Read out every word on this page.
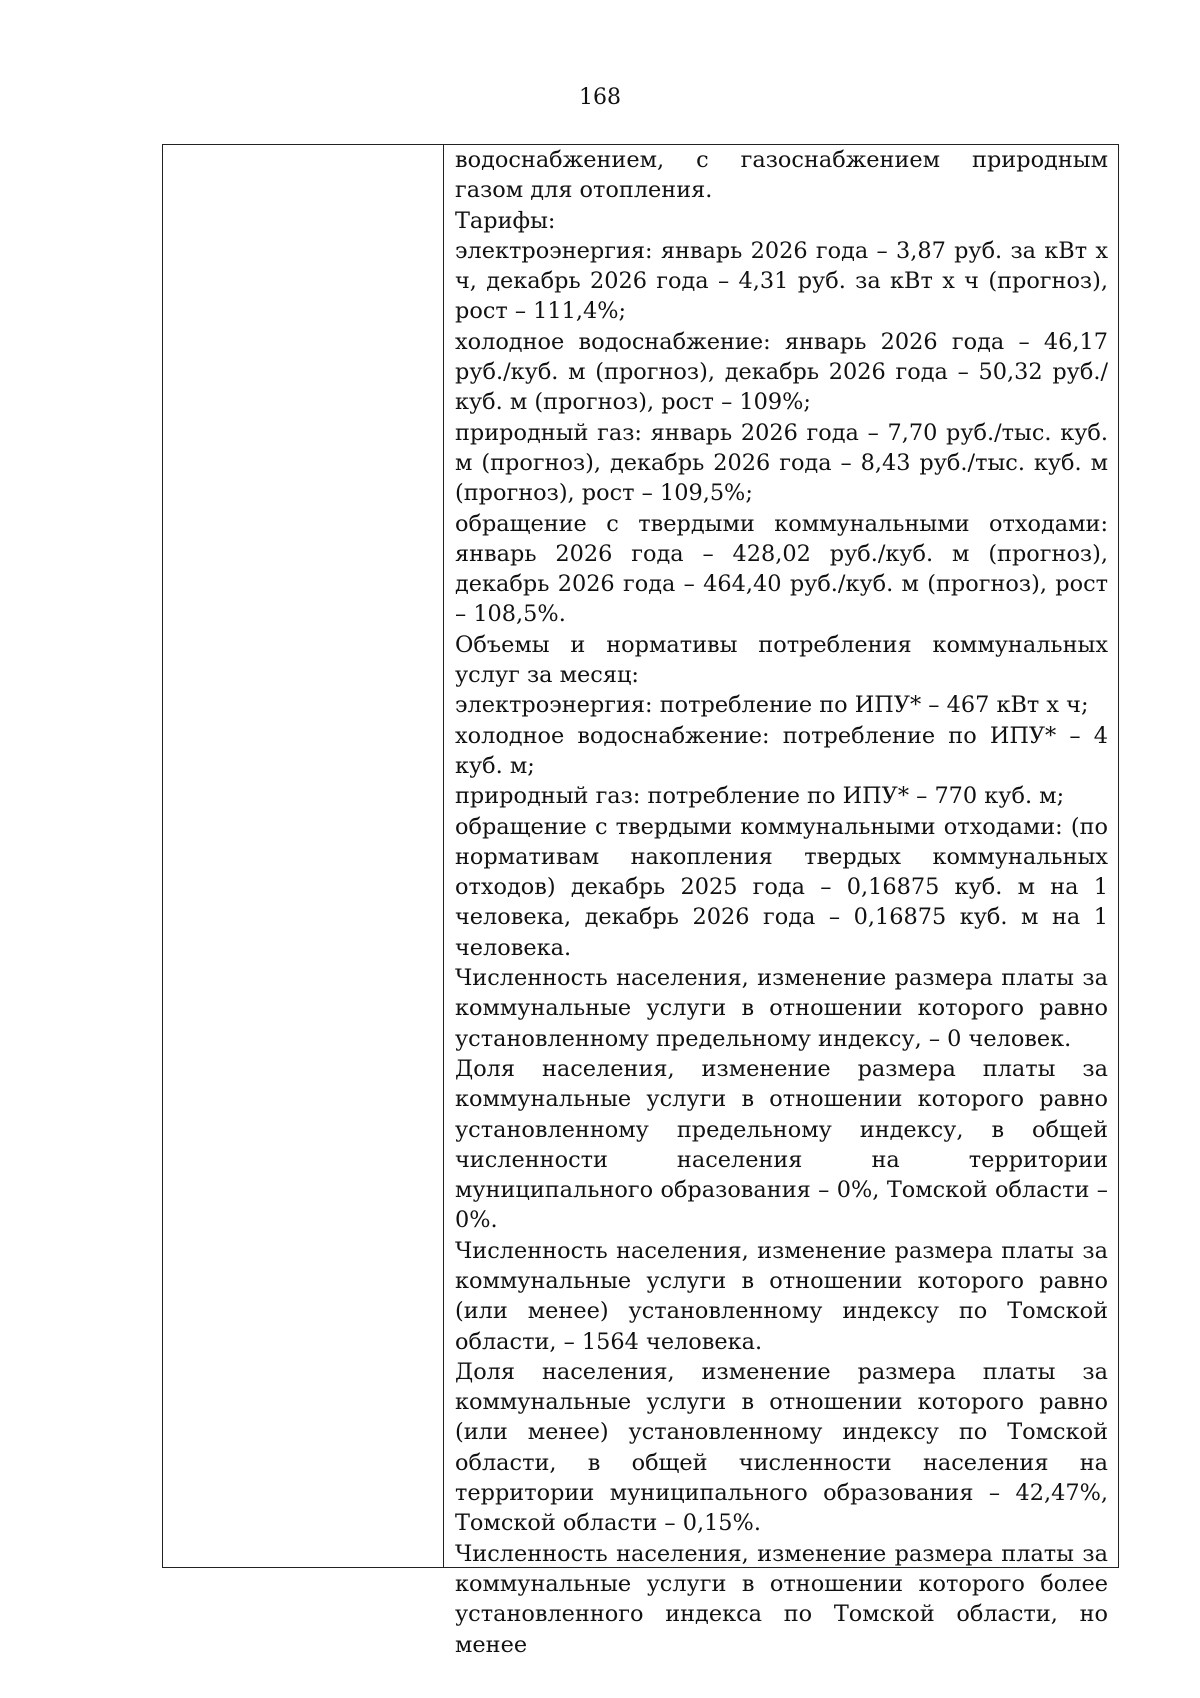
168

водоснабжением, с газоснабжением природным газом для отопления.

Тарифы:

электроэнергия: январь 2026 года – 3,87 руб. за кВт х ч, декабрь 2026 года – 4,31 руб. за кВт х ч (прогноз), рост – 111,4%;

холодное водоснабжение: январь 2026 года – 46,17 руб./куб. м (прогноз), декабрь 2026 года – 50,32 руб./куб. м (прогноз), рост – 109%;

природный газ: январь 2026 года – 7,70 руб./тыс. куб. м (прогноз), декабрь 2026 года – 8,43 руб./тыс. куб. м (прогноз), рост – 109,5%;

обращение с твердыми коммунальными отходами: январь 2026 года – 428,02 руб./куб. м (прогноз), декабрь 2026 года – 464,40 руб./куб. м (прогноз), рост – 108,5%.

Объемы и нормативы потребления коммунальных услуг за месяц:

электроэнергия: потребление по ИПУ* – 467 кВт х ч;

холодное водоснабжение: потребление по ИПУ* – 4 куб. м;

природный газ: потребление по ИПУ* – 770 куб. м;

обращение с твердыми коммунальными отходами: (по нормативам накопления твердых коммунальных отходов) декабрь 2025 года – 0,16875 куб. м на 1 человека, декабрь 2026 года – 0,16875 куб. м на 1 человека.

Численность населения, изменение размера платы за коммунальные услуги в отношении которого равно установленному предельному индексу, – 0 человек.

Доля населения, изменение размера платы за коммунальные услуги в отношении которого равно установленному предельному индексу, в общей численности населения на территории муниципального образования – 0%, Томской области – 0%.

Численность населения, изменение размера платы за коммунальные услуги в отношении которого равно (или менее) установленному индексу по Томской области, – 1564 человека.

Доля населения, изменение размера платы за коммунальные услуги в отношении которого равно (или менее) установленному индексу по Томской области, в общей численности населения на территории муниципального образования – 42,47%, Томской области – 0,15%.

Численность населения, изменение размера платы за коммунальные услуги в отношении которого более установленного индекса по Томской области, но менее
